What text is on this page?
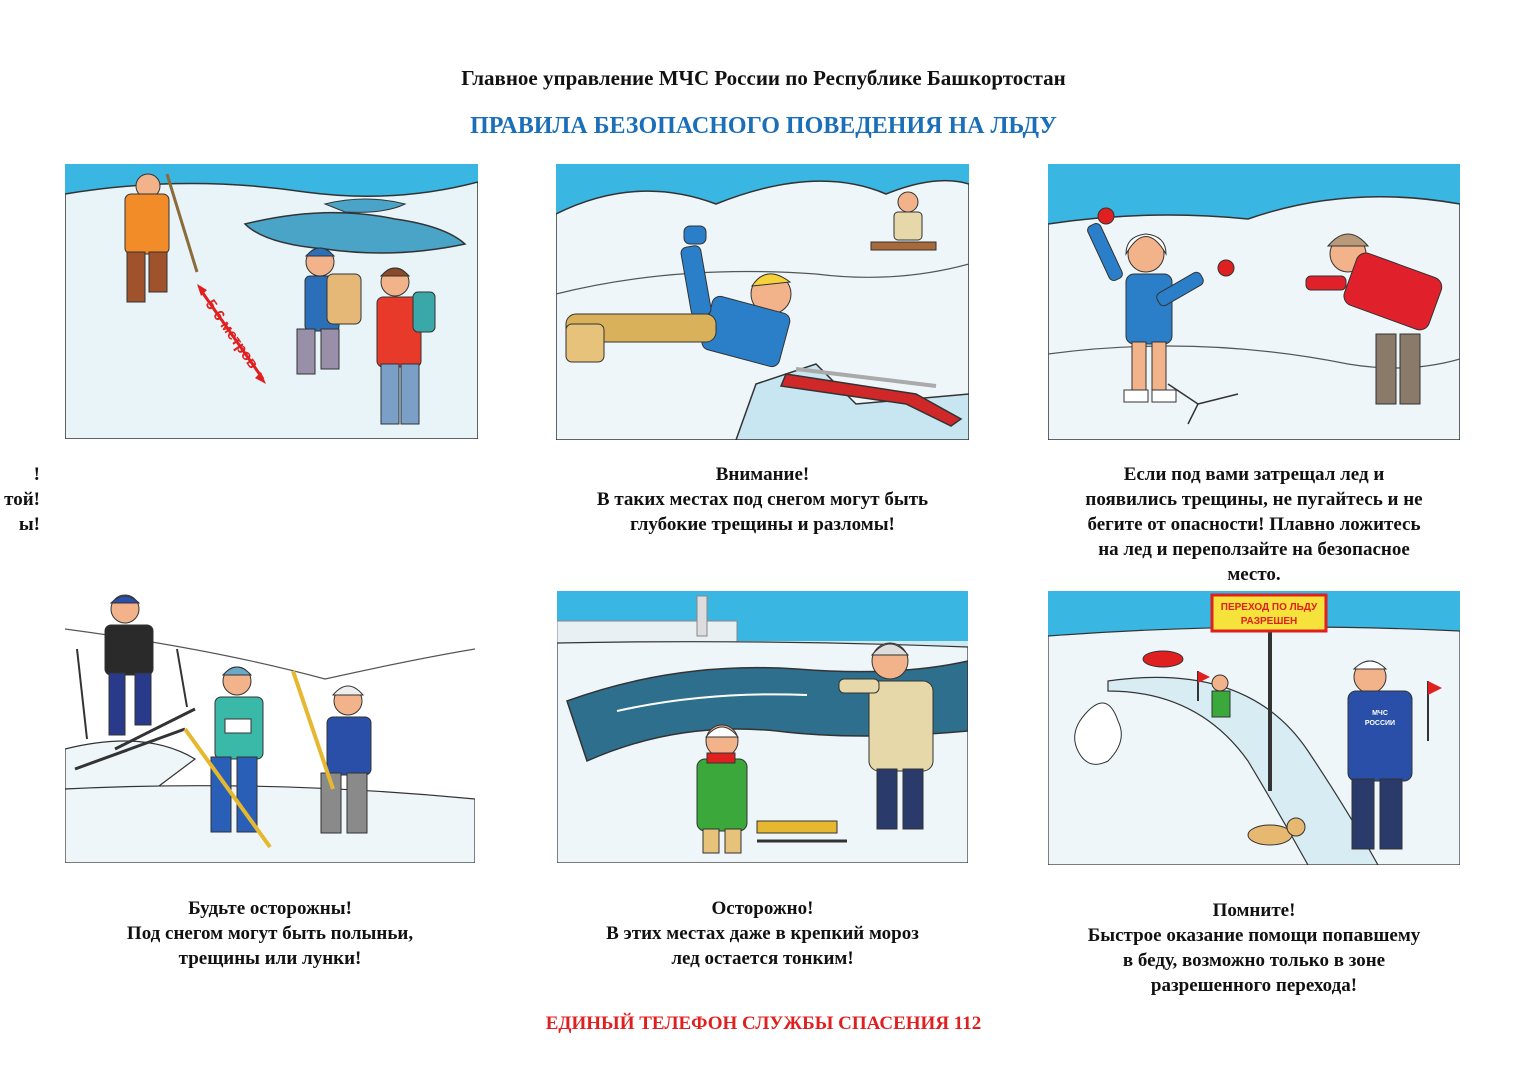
Главное управление МЧС России по Республике Башкортостан
ПРАВИЛА БЕЗОПАСНОГО ПОВЕДЕНИЯ НА ЛЬДУ
5-6 метров
!
той!
ы!
Внимание!
В таких местах под снегом могут быть
глубокие трещины и разломы!
Если под вами затрещал лед и
появились трещины, не пугайтесь и не
бегите от опасности! Плавно ложитесь
на лед и переползайте на безопасное
место.
Будьте осторожны!
Под снегом могут быть полыньи,
трещины или лунки!
Осторожно!
В этих местах даже в крепкий мороз
лед остается тонким!
ПЕРЕХОД ПО ЛЬДУ
РАЗРЕШЕН
МЧС
РОССИИ
Помните!
Быстрое оказание помощи попавшему
в беду, возможно только в зоне
разрешенного перехода!
ЕДИНЫЙ ТЕЛЕФОН СЛУЖБЫ СПАСЕНИЯ 112
